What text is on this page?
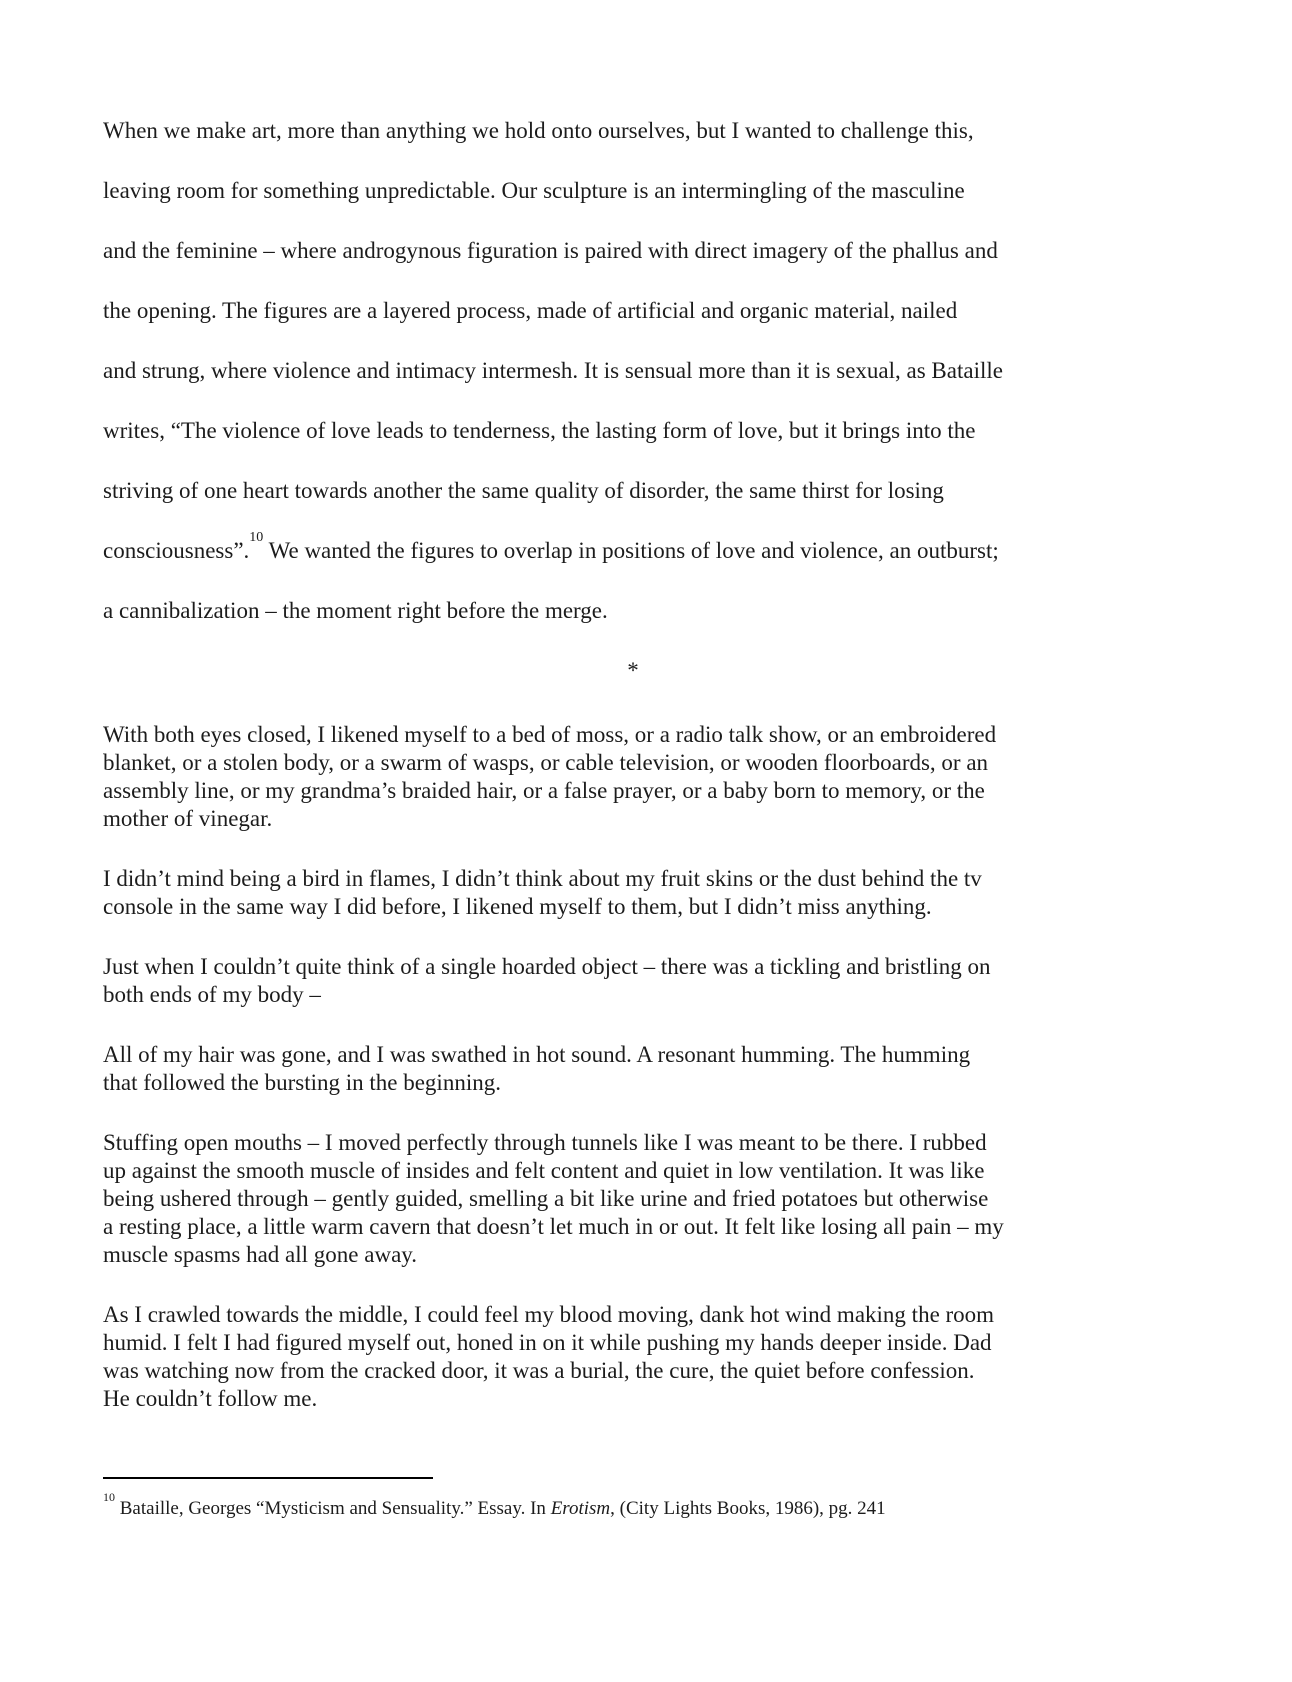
When we make art, more than anything we hold onto ourselves, but I wanted to challenge this,
leaving room for something unpredictable. Our sculpture is an intermingling of the masculine
and the feminine – where androgynous figuration is paired with direct imagery of the phallus and
the opening. The figures are a layered process, made of artificial and organic material, nailed
and strung, where violence and intimacy intermesh. It is sensual more than it is sexual, as Bataille
writes, “The violence of love leads to tenderness, the lasting form of love, but it brings into the
striving of one heart towards another the same quality of disorder, the same thirst for losing
consciousness”.$^{10}$ We wanted the figures to overlap in positions of love and violence, an outburst;
a cannibalization – the moment right before the merge.
*
With both eyes closed, I likened myself to a bed of moss, or a radio talk show, or an embroidered
blanket, or a stolen body, or a swarm of wasps, or cable television, or wooden floorboards, or an
assembly line, or my grandma’s braided hair, or a false prayer, or a baby born to memory, or the
mother of vinegar.
I didn’t mind being a bird in flames, I didn’t think about my fruit skins or the dust behind the tv
console in the same way I did before, I likened myself to them, but I didn’t miss anything.
Just when I couldn’t quite think of a single hoarded object – there was a tickling and bristling on
both ends of my body –
All of my hair was gone, and I was swathed in hot sound. A resonant humming. The humming
that followed the bursting in the beginning.
Stuffing open mouths – I moved perfectly through tunnels like I was meant to be there. I rubbed
up against the smooth muscle of insides and felt content and quiet in low ventilation. It was like
being ushered through – gently guided, smelling a bit like urine and fried potatoes but otherwise
a resting place, a little warm cavern that doesn’t let much in or out. It felt like losing all pain – my
muscle spasms had all gone away.
As I crawled towards the middle, I could feel my blood moving, dank hot wind making the room
humid. I felt I had figured myself out, honed in on it while pushing my hands deeper inside. Dad
was watching now from the cracked door, it was a burial, the cure, the quiet before confession.
He couldn’t follow me.
$^{10}$ Bataille, Georges “Mysticism and Sensuality.” Essay. In Erotism, (City Lights Books, 1986), pg. 241
